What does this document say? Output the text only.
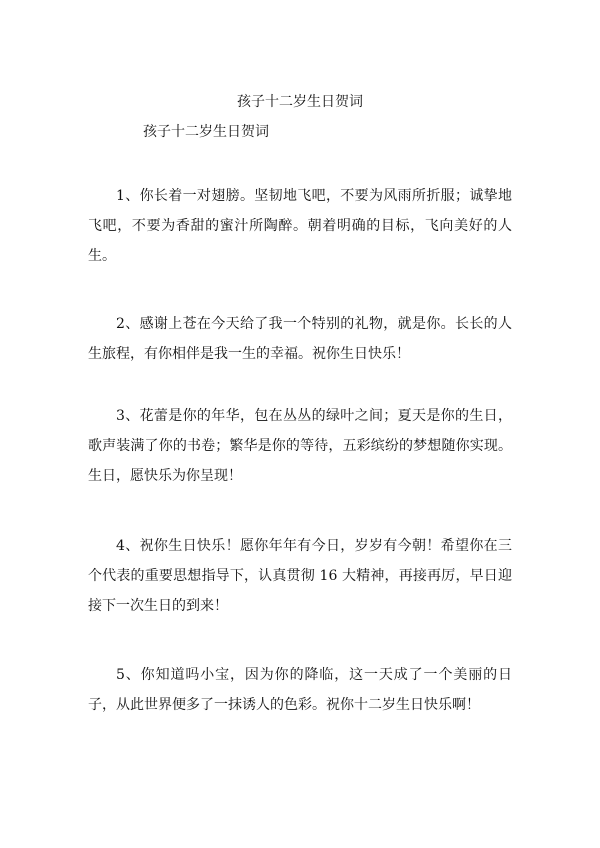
孩子十二岁生日贺词
孩子十二岁生日贺词

1、你长着一对翅膀。坚韧地飞吧，不要为风雨所折服；诚挚地飞吧，不要为香甜的蜜汁所陶醉。朝着明确的目标，飞向美好的人生。

2、感谢上苍在今天给了我一个特别的礼物，就是你。长长的人生旅程，有你相伴是我一生的幸福。祝你生日快乐！

3、花蕾是你的年华，包在丛丛的绿叶之间；夏天是你的生日，歌声装满了你的书卷；繁华是你的等待，五彩缤纷的梦想随你实现。生日，愿快乐为你呈现！

4、祝你生日快乐！愿你年年有今日，岁岁有今朝！希望你在三个代表的重要思想指导下，认真贯彻 16 大精神，再接再厉，早日迎接下一次生日的到来！

5、你知道吗小宝，因为你的降临，这一天成了一个美丽的日子，从此世界便多了一抹诱人的色彩。祝你十二岁生日快乐啊！
